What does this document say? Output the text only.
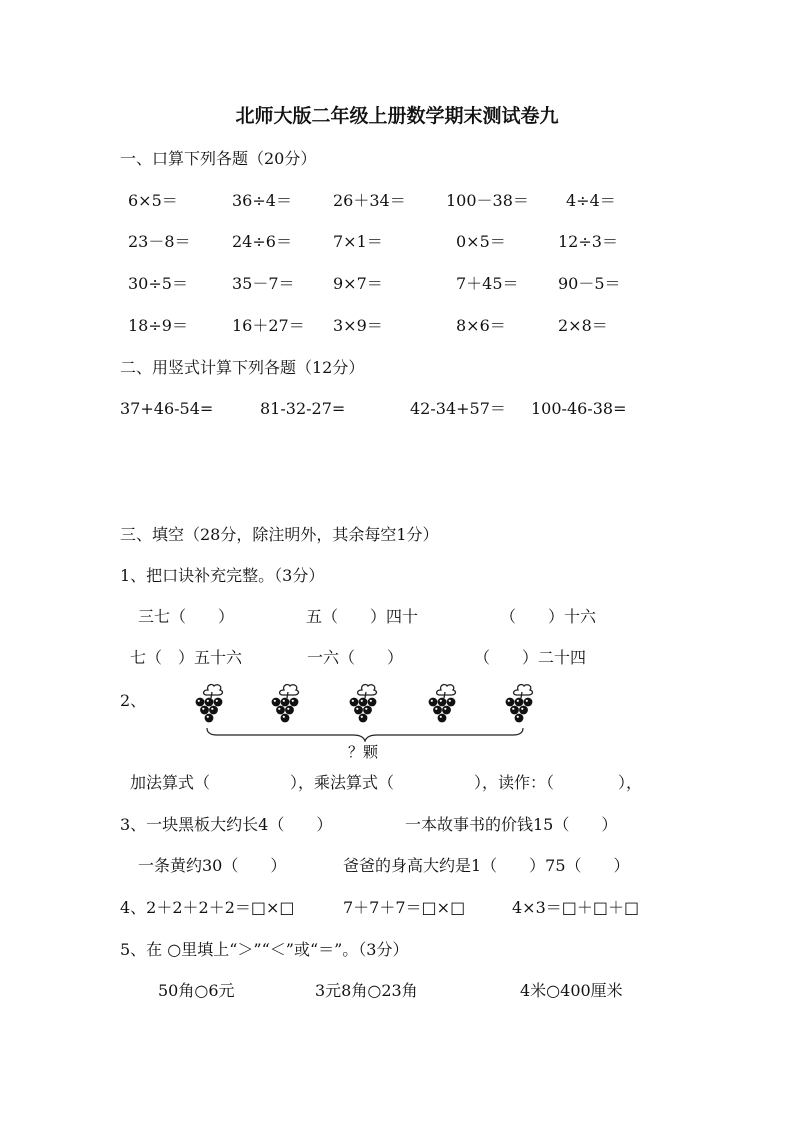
北师大版二年级上册数学期末测试卷九
一、口算下列各题（20分）
6×5＝	36÷4＝	26＋34＝	100－38＝ 4÷4＝
23－8＝	24÷6＝	7×1＝	0×5＝	12÷3＝
30÷5＝	35－7＝ 9×7＝	7＋45＝ 90－5＝
18÷9＝	16＋27＝ 3×9＝	8×6＝	2×8＝
二、用竖式计算下列各题（12分）
37+46-54=	81-32-27=	42-34+57＝ 100-46-38=
三、填空（28分，除注明外，其余每空1分）
1、把口诀补充完整。（3分）
三七（　　）	五（　　）四十	（　　）十六
七（　）五十六	一六（　　）	（　　）二十四
2、
？颗
加法算式（　　　　　），乘法算式（　　　　　），读作：（　　　　），
3、一块黑板大约长4（　　）	一本故事书的价钱15（　　）
一条黄约30（　　）	爸爸的身高大约是1（　　）75（　　）
4、2＋2＋2＋2＝□×□	7＋7＋7＝□×□	4×3＝□＋□＋□
5、在 ○里填上“＞”“＜”或“＝”。（3分）
50角○6元	3元8角○23角	4米○400厘米
